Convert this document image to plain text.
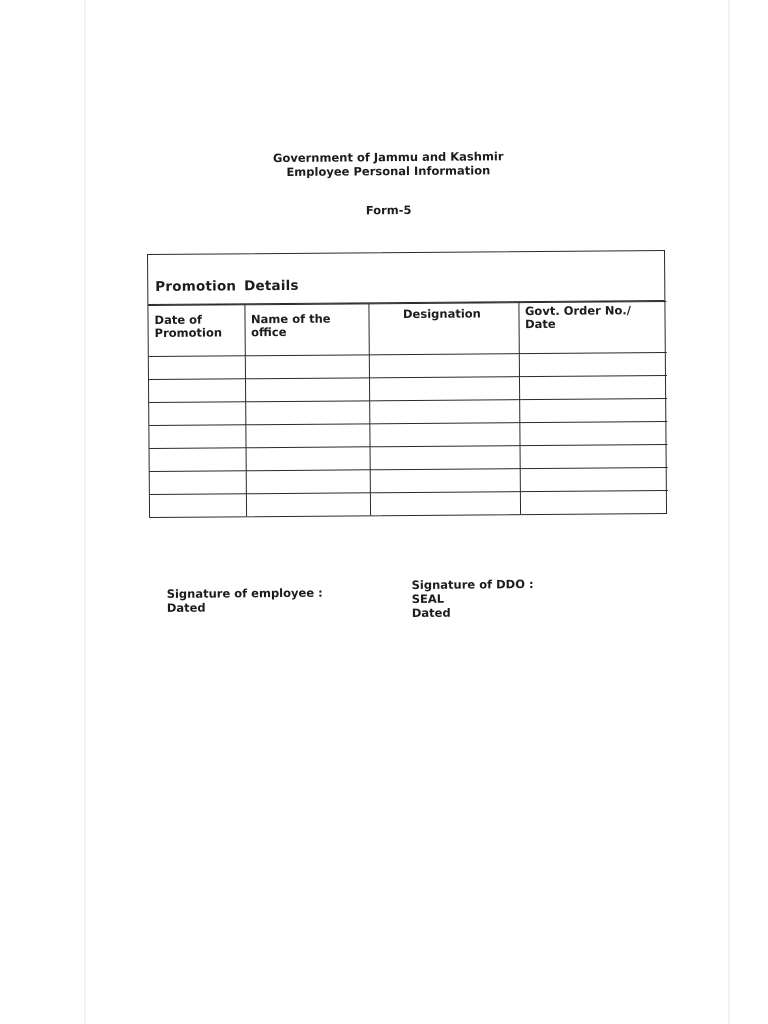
Government of Jammu and Kashmir
Employee Personal Information
Form-5
Promotion Details
Date of Promotion	Name of the office	Designation	Govt. Order No./ Date

Signature of employee :
Dated
Signature of DDO :
SEAL
Dated
